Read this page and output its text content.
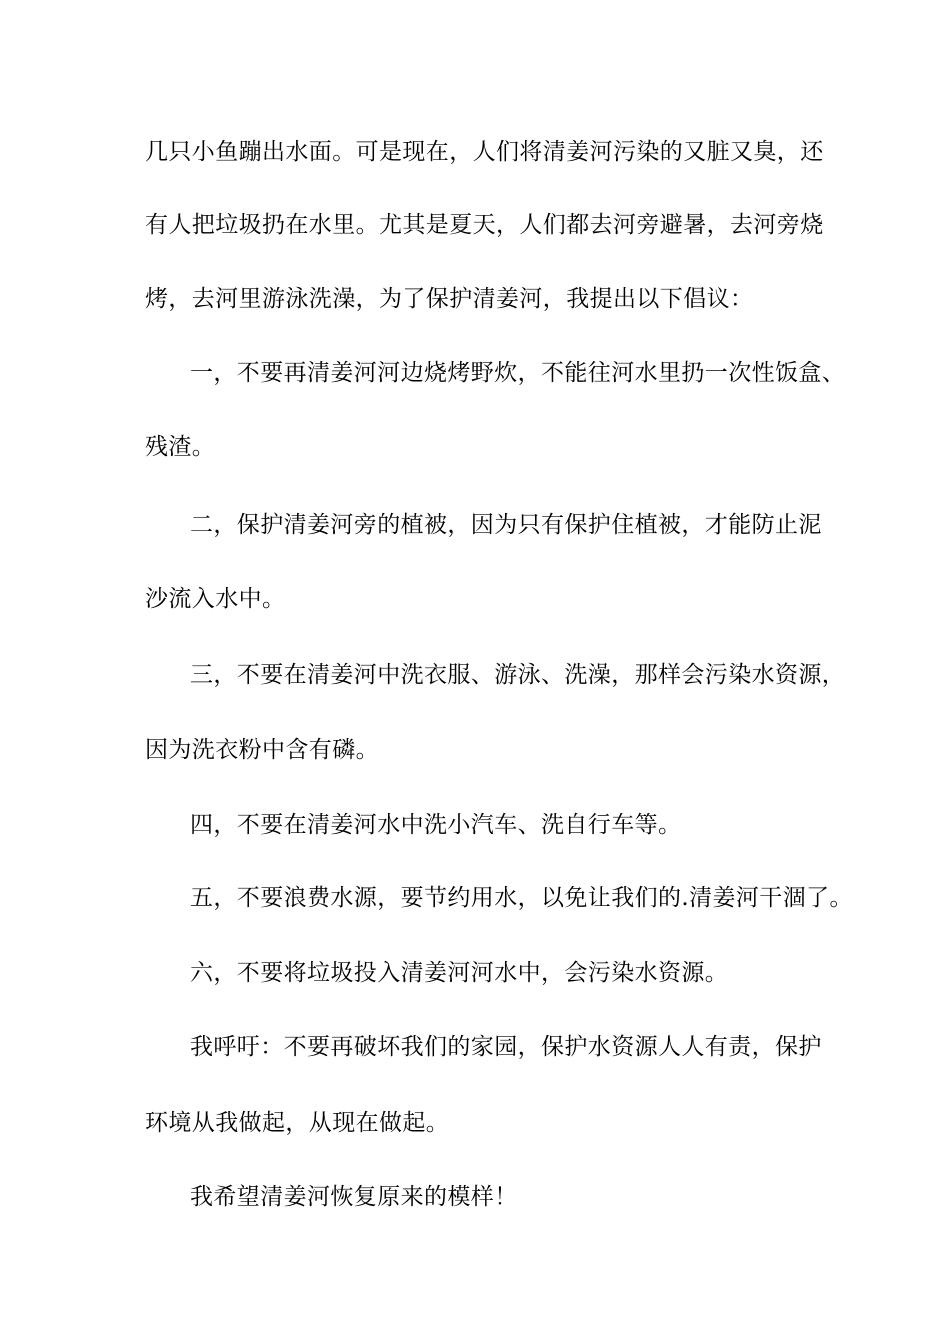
几只小鱼蹦出水面。可是现在，人们将清姜河污染的又脏又臭，还
有人把垃圾扔在水里。尤其是夏天，人们都去河旁避暑，去河旁烧
烤，去河里游泳洗澡，为了保护清姜河，我提出以下倡议：
一，不要再清姜河河边烧烤野炊，不能往河水里扔一次性饭盒、
残渣。
二，保护清姜河旁的植被，因为只有保护住植被，才能防止泥
沙流入水中。
三，不要在清姜河中洗衣服、游泳、洗澡，那样会污染水资源，
因为洗衣粉中含有磷。
四，不要在清姜河水中洗小汽车、洗自行车等。
五，不要浪费水源，要节约用水，以免让我们的.清姜河干涸了。
六，不要将垃圾投入清姜河河水中，会污染水资源。
我呼吁：不要再破坏我们的家园，保护水资源人人有责，保护
环境从我做起，从现在做起。
我希望清姜河恢复原来的模样！
